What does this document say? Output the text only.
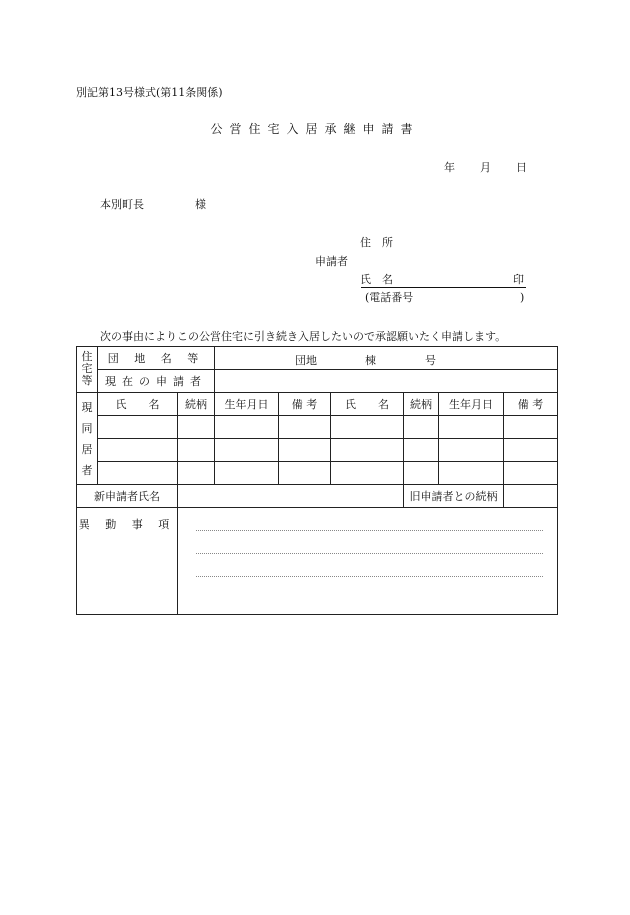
別記第13号様式(第11条関係)
公営住宅入居承継申請書
年 月 日
本別町長	様
住　所
申請者
氏　名	印
(電話番号	)
次の事由によりこの公営住宅に引き続き入居したいので承認願いたく申請します。
住宅等	団 地 名 等		団地 棟 号					

	現在の申請者							
現同居者	氏　　名	続柄	生年月日	備 考	氏　　名	続柄	生年月日	備 考

新申請者氏名						旧申請者との続柄		
異 動 事 項								
